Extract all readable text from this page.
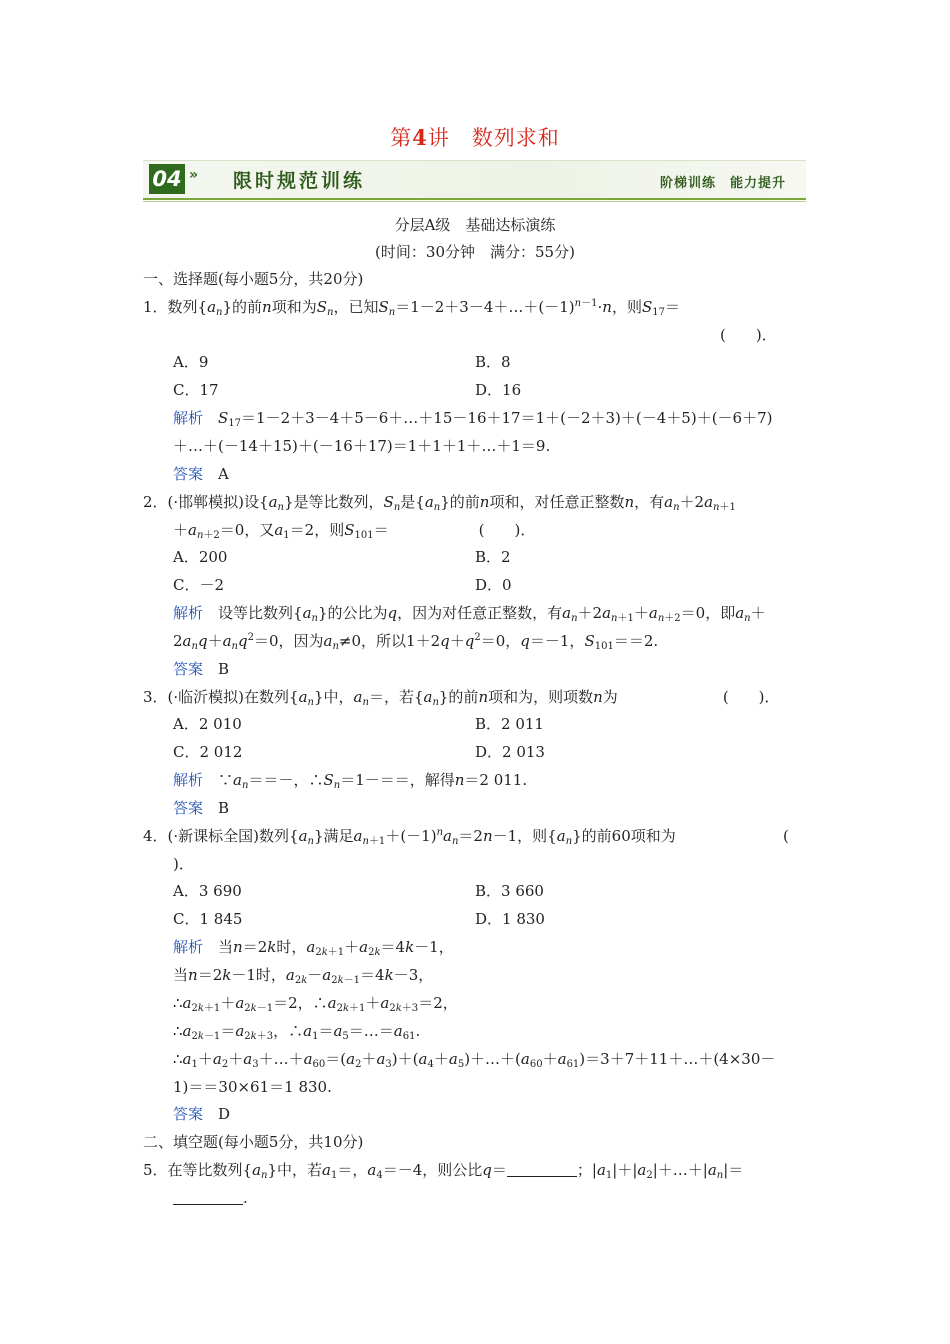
第4讲　数列求和
04 » 限时规范训练	阶梯训练　能力提升
分层A级　基础达标演练
(时间：30分钟　满分：55分)
一、选择题(每小题5分，共20分)
1．数列$\{a_n\}$的前n项和为$S_n$，已知$S_n=1-2+3-4+\dots+(-1)^{n-1}\cdot n$，则$S_{17}=$
(　　)．
A．9	B．8
C．17	D．16
解析　 $S_{17}=1-2+3-4+5-6+\dots+15-16+17=1+(-2+3)+(-4+5)+(-6+7)$
＋…＋(－14＋15)＋(－16＋17)＝1＋1＋1＋…＋1＝9.
答案　 A
2．(·邯郸模拟)设$\{a_n\}$是等比数列，$S_n$是$\{a_n\}$的前n项和，对任意正整数n，有$a_n+2a_{n+1}$
$+a_{n+2}=0$，又$a_1=2$，则$S_{101}=$　　　　　　(　　)．
A．200	B．2
C．－2	D．0
解析　设等比数列$\{a_n\}$的公比为q，因为对任意正整数，有$a_n+2a_{n+1}+a_{n+2}=0$，即$a_n+$
$2a_nq+a_nq^2=0$，因为$a_n\ne 0$，所以$1+2q+q^2=0$，q＝－1，$S_{101}==2$.
答案　 B
3．(·临沂模拟)在数列$\{a_n\}$中，$a_n=$，若$\{a_n\}$的前n项和为，则项数n为　　　　　　　(　　)．
A．2 010	B．2 011
C．2 012	D．2 013
解析　$\because a_n==-$，$\therefore S_n=1-==$，解得n＝2 011.
答案　 B
4．(·新课标全国)数列$\{a_n\}$满足$a_{n+1}+(-1)^na_n=2n-1$，则$\{a_n\}$的前60项和为	(
)．
A．3 690	B．3 660
C．1 845	D．1 830
解析　当n＝2k时，$a_{2k+1}+a_{2k}=4k-1$，
当n＝2k－1时，$a_{2k}-a_{2k-1}=4k-3$，
$\therefore a_{2k+1}+a_{2k-1}=2$，$\therefore a_{2k+1}+a_{2k+3}=2$，
$\therefore a_{2k-1}=a_{2k+3}$，$\therefore a_1=a_5=\dots=a_{61}$.
$\therefore a_1+a_2+a_3+\dots+a_{60}=(a_2+a_3)+(a_4+a_5)+\dots+(a_{60}+a_{61})=3+7+11+\dots+(4\times 30-$
1)＝＝30×61＝1 830.
答案　 D
二、填空题(每小题5分，共10分)
5．在等比数列$\{a_n\}$中，若$a_1=$，$a_4=-4$，则公比q＝	；$|a_1|+|a_2|+\dots+|a_n|=$
.
